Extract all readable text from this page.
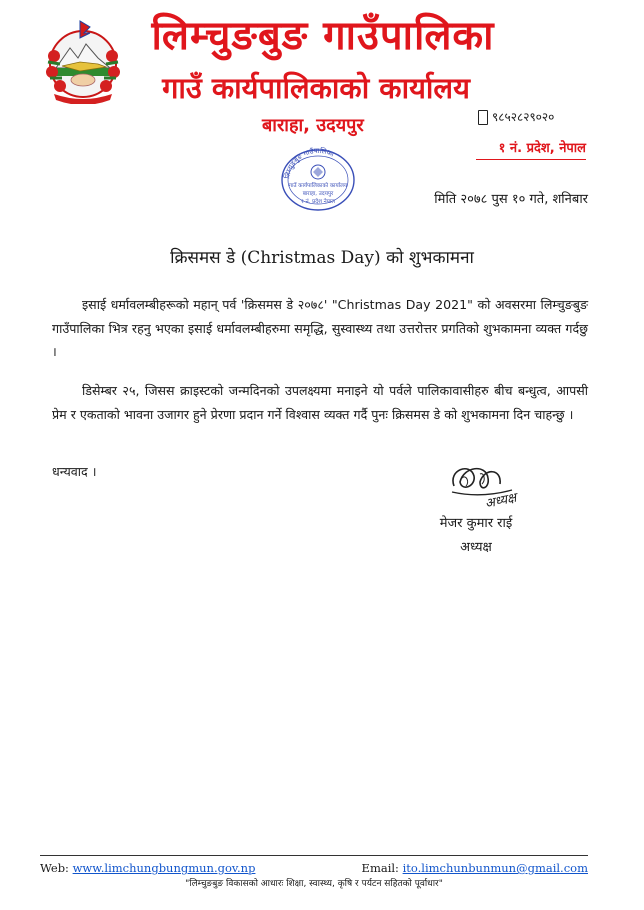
लिम्चुङबुङ गाउँपालिका
गाउँ कार्यपालिकाको कार्यालय
बाराहा, उदयपुर	९८५२८२९०२०
१ नं. प्रदेश, नेपाल
लिम्चुङबुङ गाउँपालिका
गाउँ कार्यपालिकाको कार्यालय
बाराहा, उदयपुर
१ नं. प्रदेश नेपाल	मिति २०७८ पुस १० गते, शनिबार
क्रिसमस डे (Christmas Day) को शुभकामना
इसाई धर्मावलम्बीहरूको महान् पर्व 'क्रिसमस डे २०७८' "Christmas Day 2021" को अवसरमा लिम्चुङबुङ गाउँपालिका भित्र रहनु भएका इसाई धर्मावलम्बीहरुमा समृद्धि, सुस्वास्थ्य तथा उत्तरोत्तर प्रगतिको शुभकामना व्यक्त गर्दछु ।
डिसेम्बर २५, जिसस क्राइस्टको जन्मदिनको उपलक्ष्यमा मनाइने यो पर्वले पालिकावासीहरु बीच बन्धुत्व, आपसी प्रेम र एकताको भावना उजागर हुने प्रेरणा प्रदान गर्ने विश्वास व्यक्त गर्दै पुनः क्रिसमस डे को शुभकामना दिन चाहन्छु ।
धन्यवाद ।
अध्यक्ष
मेजर कुमार राई
अध्यक्ष
Web: www.limchungbungmun.gov.np	Email: ito.limchunbunmun@gmail.com
"लिम्चुङबुङ विकासको आधारः शिक्षा, स्वास्थ्य, कृषि र पर्यटन सहितको पूर्वाधार"
